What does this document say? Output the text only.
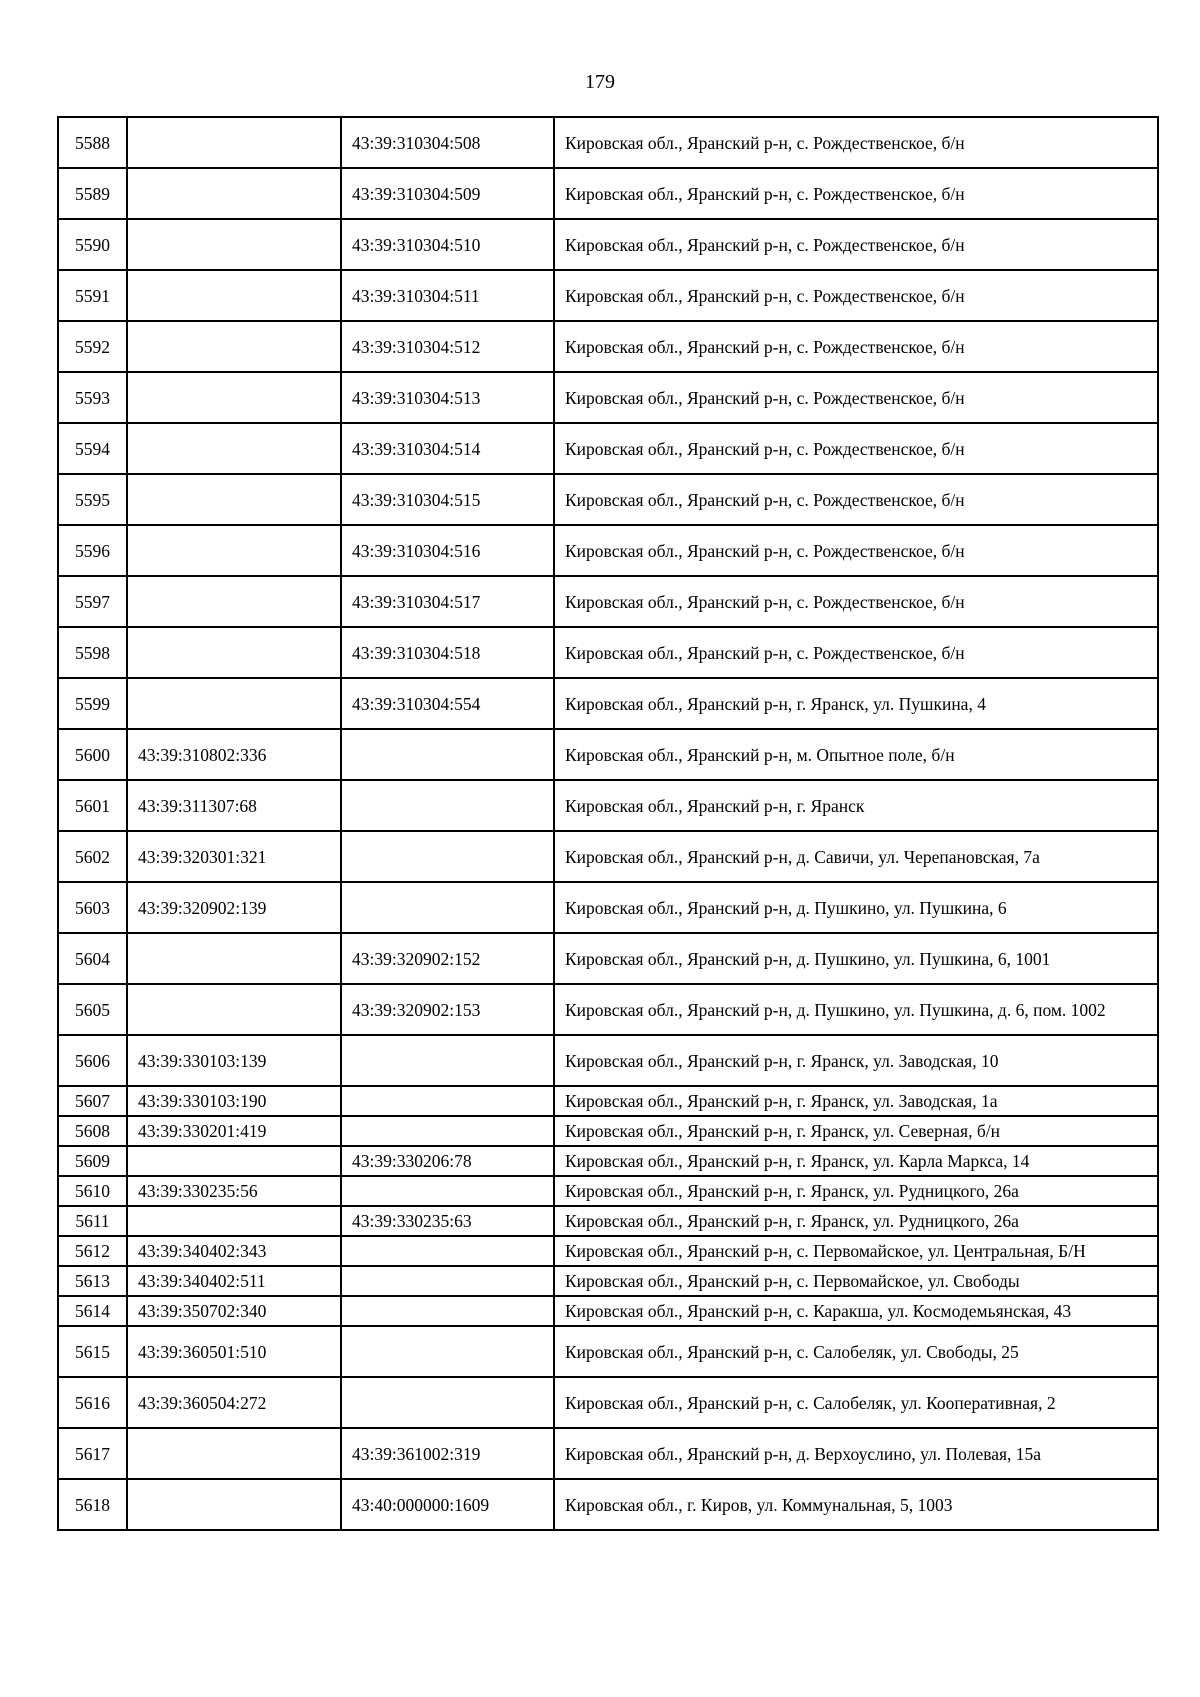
179
5588		43:39:310304:508	Кировская обл., Яранский р-н, с. Рождественское, б/н
5589		43:39:310304:509	Кировская обл., Яранский р-н, с. Рождественское, б/н
5590		43:39:310304:510	Кировская обл., Яранский р-н, с. Рождественское, б/н
5591		43:39:310304:511	Кировская обл., Яранский р-н, с. Рождественское, б/н
5592		43:39:310304:512	Кировская обл., Яранский р-н, с. Рождественское, б/н
5593		43:39:310304:513	Кировская обл., Яранский р-н, с. Рождественское, б/н
5594		43:39:310304:514	Кировская обл., Яранский р-н, с. Рождественское, б/н
5595		43:39:310304:515	Кировская обл., Яранский р-н, с. Рождественское, б/н
5596		43:39:310304:516	Кировская обл., Яранский р-н, с. Рождественское, б/н
5597		43:39:310304:517	Кировская обл., Яранский р-н, с. Рождественское, б/н
5598		43:39:310304:518	Кировская обл., Яранский р-н, с. Рождественское, б/н
5599		43:39:310304:554	Кировская обл., Яранский р-н, г. Яранск, ул. Пушкина, 4
5600	43:39:310802:336		Кировская обл., Яранский р-н, м. Опытное поле, б/н
5601	43:39:311307:68		Кировская обл., Яранский р-н, г. Яранск
5602	43:39:320301:321		Кировская обл., Яранский р-н, д. Савичи, ул. Черепановская, 7а
5603	43:39:320902:139		Кировская обл., Яранский р-н, д. Пушкино, ул. Пушкина, 6
5604		43:39:320902:152	Кировская обл., Яранский р-н, д. Пушкино, ул. Пушкина, 6, 1001
5605		43:39:320902:153	Кировская обл., Яранский р-н, д. Пушкино, ул. Пушкина, д. 6, пом. 1002
5606	43:39:330103:139		Кировская обл., Яранский р-н, г. Яранск, ул. Заводская, 10
5607	43:39:330103:190		Кировская обл., Яранский р-н, г. Яранск, ул. Заводская, 1а
5608	43:39:330201:419		Кировская обл., Яранский р-н, г. Яранск, ул. Северная, б/н
5609		43:39:330206:78	Кировская обл., Яранский р-н, г. Яранск, ул. Карла Маркса, 14
5610	43:39:330235:56		Кировская обл., Яранский р-н, г. Яранск, ул. Рудницкого, 26а
5611		43:39:330235:63	Кировская обл., Яранский р-н, г. Яранск, ул. Рудницкого, 26а
5612	43:39:340402:343		Кировская обл., Яранский р-н, с. Первомайское, ул. Центральная, Б/Н
5613	43:39:340402:511		Кировская обл., Яранский р-н, с. Первомайское, ул. Свободы
5614	43:39:350702:340		Кировская обл., Яранский р-н, с. Каракша, ул. Космодемьянская, 43
5615	43:39:360501:510		Кировская обл., Яранский р-н, с. Салобеляк, ул. Свободы, 25
5616	43:39:360504:272		Кировская обл., Яранский р-н, с. Салобеляк, ул. Кооперативная, 2
5617		43:39:361002:319	Кировская обл., Яранский р-н, д. Верхоуслино, ул. Полевая, 15а
5618		43:40:000000:1609	Кировская обл., г. Киров, ул. Коммунальная, 5, 1003
